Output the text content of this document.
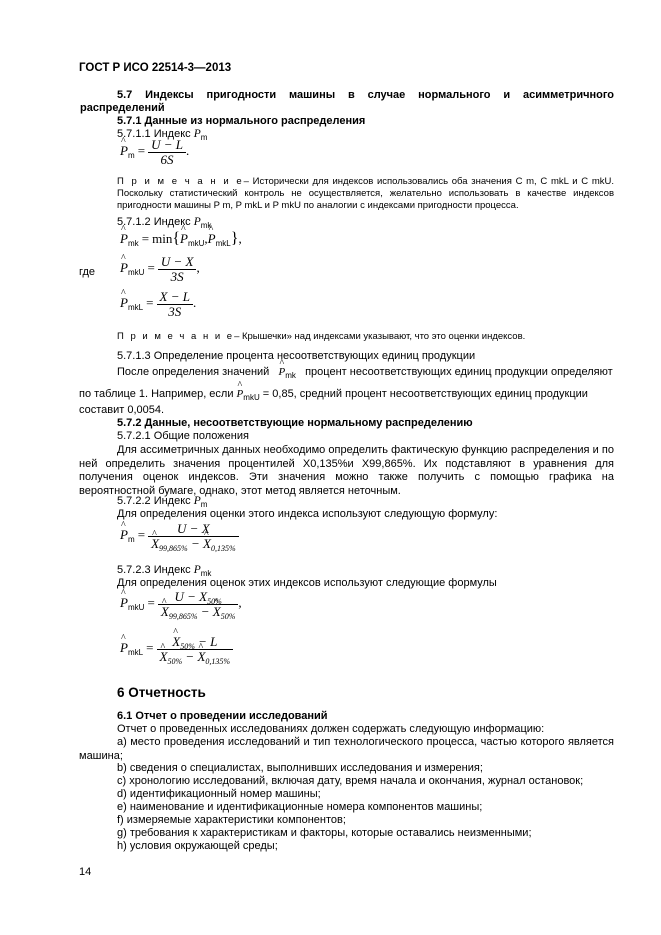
ГОСТ Р ИСО 22514-3—2013
5.7  Индексы  пригодности  машины  в  случае  нормального  и  асимметричного
распределений
5.7.1 Данные из нормального распределения
5.7.1.1 Индекс $P_m$
^ $P_m = \frac{U - L}{6S}$ .
П р и м е ч а н и е– Исторически для индексов использовались оба значения C m, C mkL и C mkU. Поскольку статистический контроль не осуществляется, желательно использовать в качестве индексов пригодности машины P m, P mkL и P mkU по аналогии с индексами пригодности процесса.
5.7.1.2 Индекс $P_{mk}$
^ $P_{mk}$ = min{^ $P_{mkU},\^{}$ $P_{mkL}$},
где ^ $P_{mkU} = \frac{U - X}{3S}$ ,
^ $P_{mkL} = \frac{X - L}{3S}$ .
П р и м е ч а н и е– Крышечки» над индексами указывают, что это оценки индексов.
5.7.1.3 Определение процента несоответствующих единиц продукции
После определения значений ^ $P_{mk}$ процент несоответствующих единиц продукции определяют
по таблице 1. Например, если ^ $P_{mkU} = 0,85$, средний процент несоответствующих единиц продукции
составит 0,0054.
5.7.2 Данные, несоответствующие нормальному распределению
5.7.2.1 Общие положения
Для ассиметричных данных необходимо определить фактическую функцию распределения и по ней определить значения процентилей X0,135%и X99,865%. Их подставляют в уравнения для получения оценок индексов. Эти значения можно также получить с помощью графика на вероятностной бумаге, однако, этот метод является неточным.
5.7.2.2 Индекс $P_m$
Для определения оценки этого индекса используют следующую формулу:
^ $P_m = U - X$
^ $X_{99,865\%}$ − ^ $X_{0,135\%}$
5.7.2.3 Индекс $P_{mk}$
Для определения оценок этих индексов используют следующие формулы
^ $P_{mkU} = U - X_{50\%}$
^ $X_{99,865\%}$ − ^ $X_{50\%}$ ,
^ $P_{mkL}$ = ^ $X_{50\%} - L$
^ $X_{50\%}$ − ^ $X_{0,135\%}$
6 Отчетность
6.1 Отчет о проведении исследований
Отчет о проведенных исследованиях должен содержать следующую информацию:
a) место проведения исследований и тип технологического процесса, частью которого является машина;
b) сведения о специалистах, выполнивших исследования и измерения;
c) хронологию исследований, включая дату, время начала и окончания, журнал остановок;
d) идентификационный номер машины;
e) наименование и идентификационные номера компонентов машины;
f) измеряемые характеристики компонентов;
g) требования к характеристикам и факторы, которые оставались неизменными;
h) условия окружающей среды;
14
